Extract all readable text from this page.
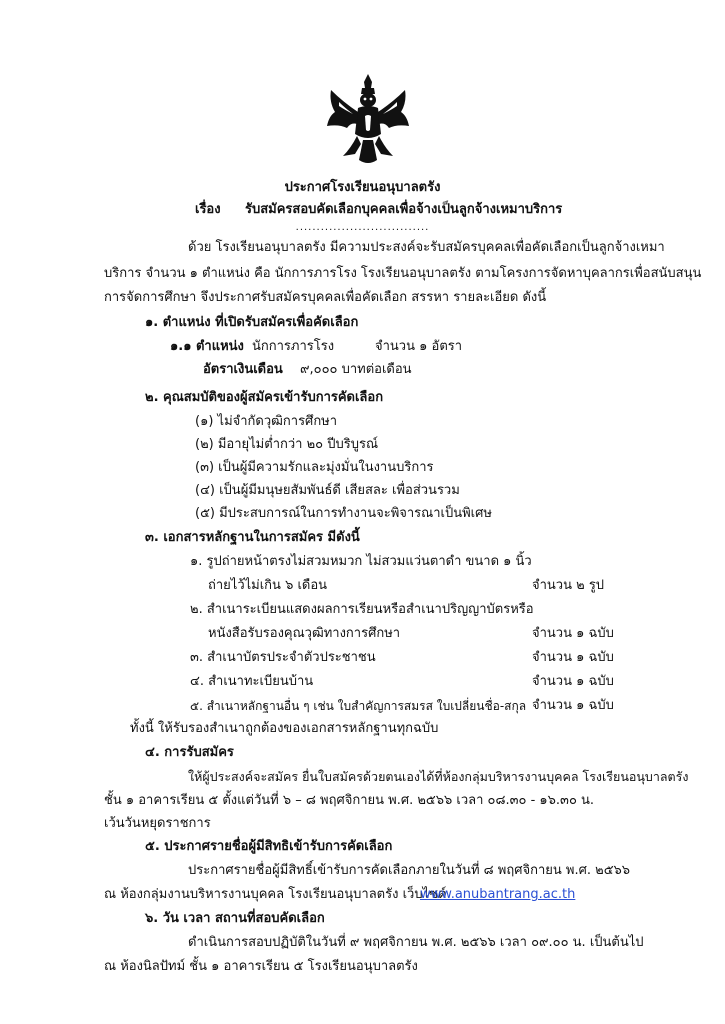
ประกาศโรงเรียนอนุบาลตรัง
เรื่อง รับสมัครสอบคัดเลือกบุคคลเพื่อจ้างเป็นลูกจ้างเหมาบริการ
................................
ด้วย โรงเรียนอนุบาลตรัง มีความประสงค์จะรับสมัครบุคคลเพื่อคัดเลือกเป็นลูกจ้างเหมา
บริการ จำนวน ๑ ตำแหน่ง คือ นักการภารโรง โรงเรียนอนุบาลตรัง ตามโครงการจัดหาบุคลากรเพื่อสนับสนุน
การจัดการศึกษา จึงประกาศรับสมัครบุคคลเพื่อคัดเลือก สรรหา รายละเอียด ดังนี้
๑. ตำแหน่ง ที่เปิดรับสมัครเพื่อคัดเลือก
๑.๑ ตำแหน่ง นักการภารโรง	จำนวน ๑ อัตรา
อัตราเงินเดือน ๙,๐๐๐ บาทต่อเดือน
๒. คุณสมบัติของผู้สมัครเข้ารับการคัดเลือก
(๑) ไม่จำกัดวุฒิการศึกษา
(๒) มีอายุไม่ต่ำกว่า ๒๐ ปีบริบูรณ์
(๓) เป็นผู้มีความรักและมุ่งมั่นในงานบริการ
(๔) เป็นผู้มีมนุษยสัมพันธ์ดี เสียสละ เพื่อส่วนรวม
(๕) มีประสบการณ์ในการทำงานจะพิจารณาเป็นพิเศษ
๓. เอกสารหลักฐานในการสมัคร มีดังนี้
๑. รูปถ่ายหน้าตรงไม่สวมหมวก ไม่สวมแว่นตาดำ ขนาด ๑ นิ้ว
ถ่ายไว้ไม่เกิน ๖ เดือน	จำนวน ๒ รูป
๒. สำเนาระเบียนแสดงผลการเรียนหรือสำเนาปริญญาบัตรหรือ
หนังสือรับรองคุณวุฒิทางการศึกษา	จำนวน ๑ ฉบับ
๓. สำเนาบัตรประจำตัวประชาชน	จำนวน ๑ ฉบับ
๔. สำเนาทะเบียนบ้าน	จำนวน ๑ ฉบับ
๕. สำเนาหลักฐานอื่น ๆ เช่น ใบสำคัญการสมรส ใบเปลี่ยนชื่อ-สกุล จำนวน ๑ ฉบับ
ทั้งนี้ ให้รับรองสำเนาถูกต้องของเอกสารหลักฐานทุกฉบับ
๔. การรับสมัคร
ให้ผู้ประสงค์จะสมัคร ยื่นใบสมัครด้วยตนเองได้ที่ห้องกลุ่มบริหารงานบุคคล โรงเรียนอนุบาลตรัง
ชั้น ๑ อาคารเรียน ๕ ตั้งแต่วันที่ ๖ – ๘ พฤศจิกายน พ.ศ. ๒๕๖๖ เวลา ๐๘.๓๐ - ๑๖.๓๐ น.
เว้นวันหยุดราชการ
๕. ประกาศรายชื่อผู้มีสิทธิเข้ารับการคัดเลือก
ประกาศรายชื่อผู้มีสิทธิ์เข้ารับการคัดเลือกภายในวันที่ ๘ พฤศจิกายน พ.ศ. ๒๕๖๖
ณ ห้องกลุ่มงานบริหารงานบุคคล โรงเรียนอนุบาลตรัง เว็บไซด์
www.anubantrang.ac.th
๖. วัน เวลา สถานที่สอบคัดเลือก
ดำเนินการสอบปฏิบัติในวันที่ ๙ พฤศจิกายน พ.ศ. ๒๕๖๖ เวลา ๐๙.๐๐ น. เป็นต้นไป
ณ ห้องนิลปัทม์ ชั้น ๑ อาคารเรียน ๕ โรงเรียนอนุบาลตรัง
